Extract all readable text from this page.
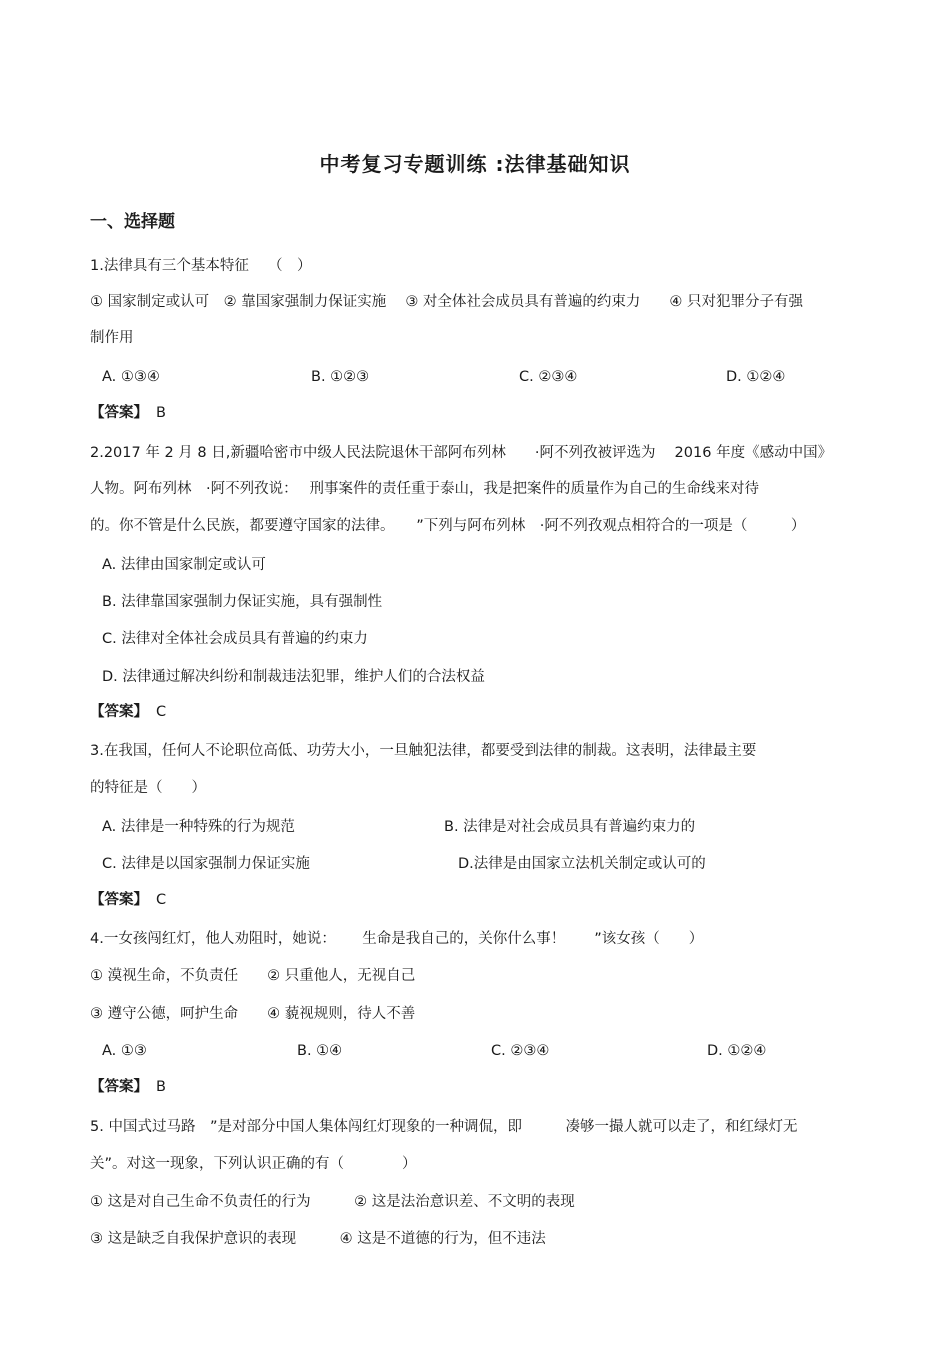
中考复习专题训练 :法律基础知识
一、选择题
1.法律具有三个基本特征　 （　）
① 国家制定或认可　② 靠国家强制力保证实施　 ③ 对全体社会成员具有普遍的约束力　　④ 只对犯罪分子有强
制作用
A. ①③④	B. ①②③	C. ②③④	D. ①②④
【答案】 B
2.2017 年 2 月 8 日,新疆哈密市中级人民法院退休干部阿布列林　　·阿不列孜被评选为　 2016 年度《感动中国》
人物。阿布列林　·阿不列孜说：　 刑事案件的责任重于泰山，我是把案件的质量作为自己的生命线来对待
的。你不管是什么民族，都要遵守国家的法律。　　”下列与阿布列林　·阿不列孜观点相符合的一项是（　　　）
A. 法律由国家制定或认可
B. 法律靠国家强制力保证实施，具有强制性
C. 法律对全体社会成员具有普遍的约束力
D. 法律通过解决纠纷和制裁违法犯罪，维护人们的合法权益
【答案】 C
3.在我国，任何人不论职位高低、功劳大小，一旦触犯法律，都要受到法律的制裁。这表明，法律最主要
的特征是（　　）
A. 法律是一种特殊的行为规范	B. 法律是对社会成员具有普遍约束力的
C. 法律是以国家强制力保证实施	D.法律是由国家立法机关制定或认可的
【答案】 C
4.一女孩闯红灯，他人劝阻时，她说：　　 生命是我自己的，关你什么事！　　”该女孩（　　）
① 漠视生命，不负责任　　② 只重他人，无视自己
③ 遵守公德，呵护生命　　④ 藐视规则，待人不善
A. ①③	B. ①④	C. ②③④	D. ①②④
【答案】 B
5. 中国式过马路　”是对部分中国人集体闯红灯现象的一种调侃，即　　　凑够一撮人就可以走了，和红绿灯无
关”。对这一现象，下列认识正确的有（　　　　）
① 这是对自己生命不负责任的行为　　　② 这是法治意识差、不文明的表现
③ 这是缺乏自我保护意识的表现　　　④ 这是不道德的行为，但不违法
